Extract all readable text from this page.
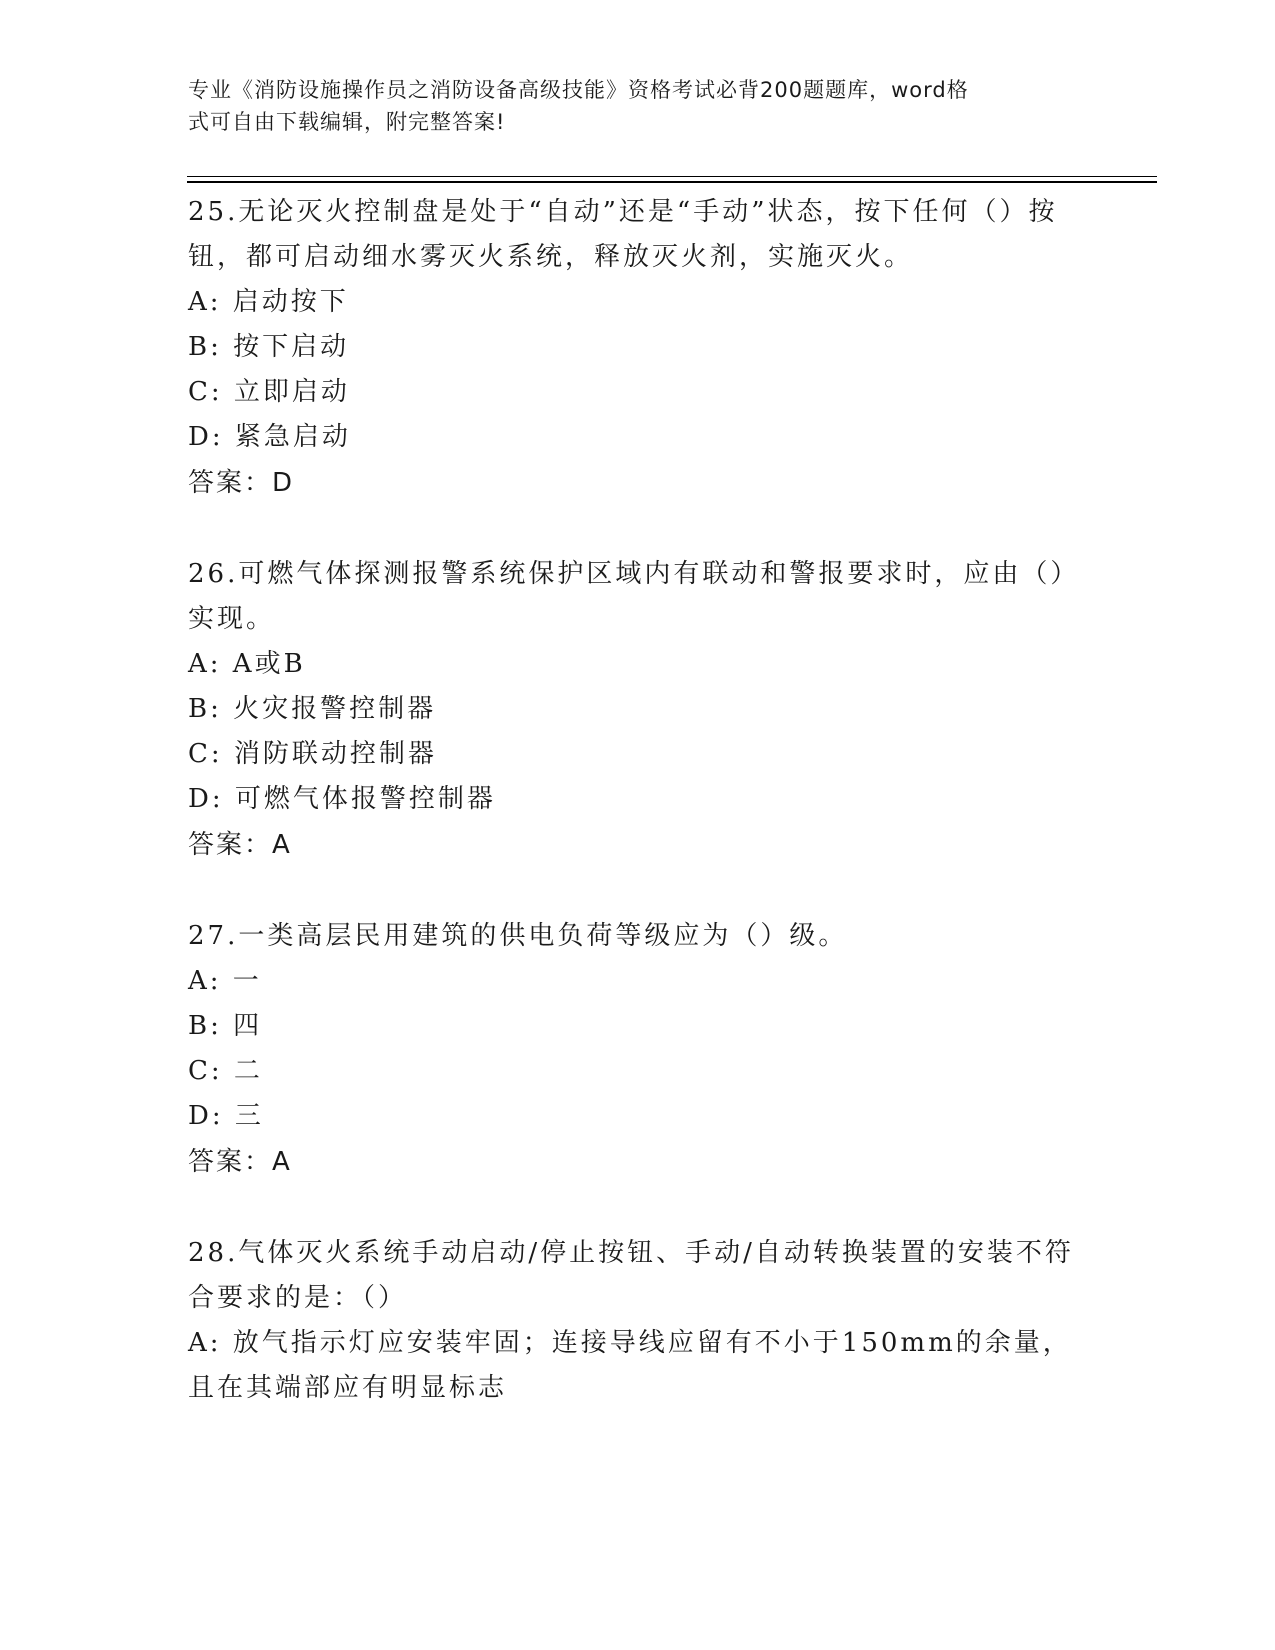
专业《消防设施操作员之消防设备高级技能》资格考试必背200题题库，word格
式可自由下载编辑，附完整答案!
25.无论灭火控制盘是处于“自动”还是“手动”状态，按下任何（）按钮，都可启动细水雾灭火系统，释放灭火剂，实施灭火。
A: 启动按下
B: 按下启动
C: 立即启动
D: 紧急启动
答案：D
26.可燃气体探测报警系统保护区域内有联动和警报要求时，应由（）实现。
A: A或B
B: 火灾报警控制器
C: 消防联动控制器
D: 可燃气体报警控制器
答案：A
27.一类高层民用建筑的供电负荷等级应为（）级。
A: 一
B: 四
C: 二
D: 三
答案：A
28.气体灭火系统手动启动/停止按钮、手动/自动转换装置的安装不符合要求的是：（）
A: 放气指示灯应安装牢固；连接导线应留有不小于150mm的余量，且在其端部应有明显标志
